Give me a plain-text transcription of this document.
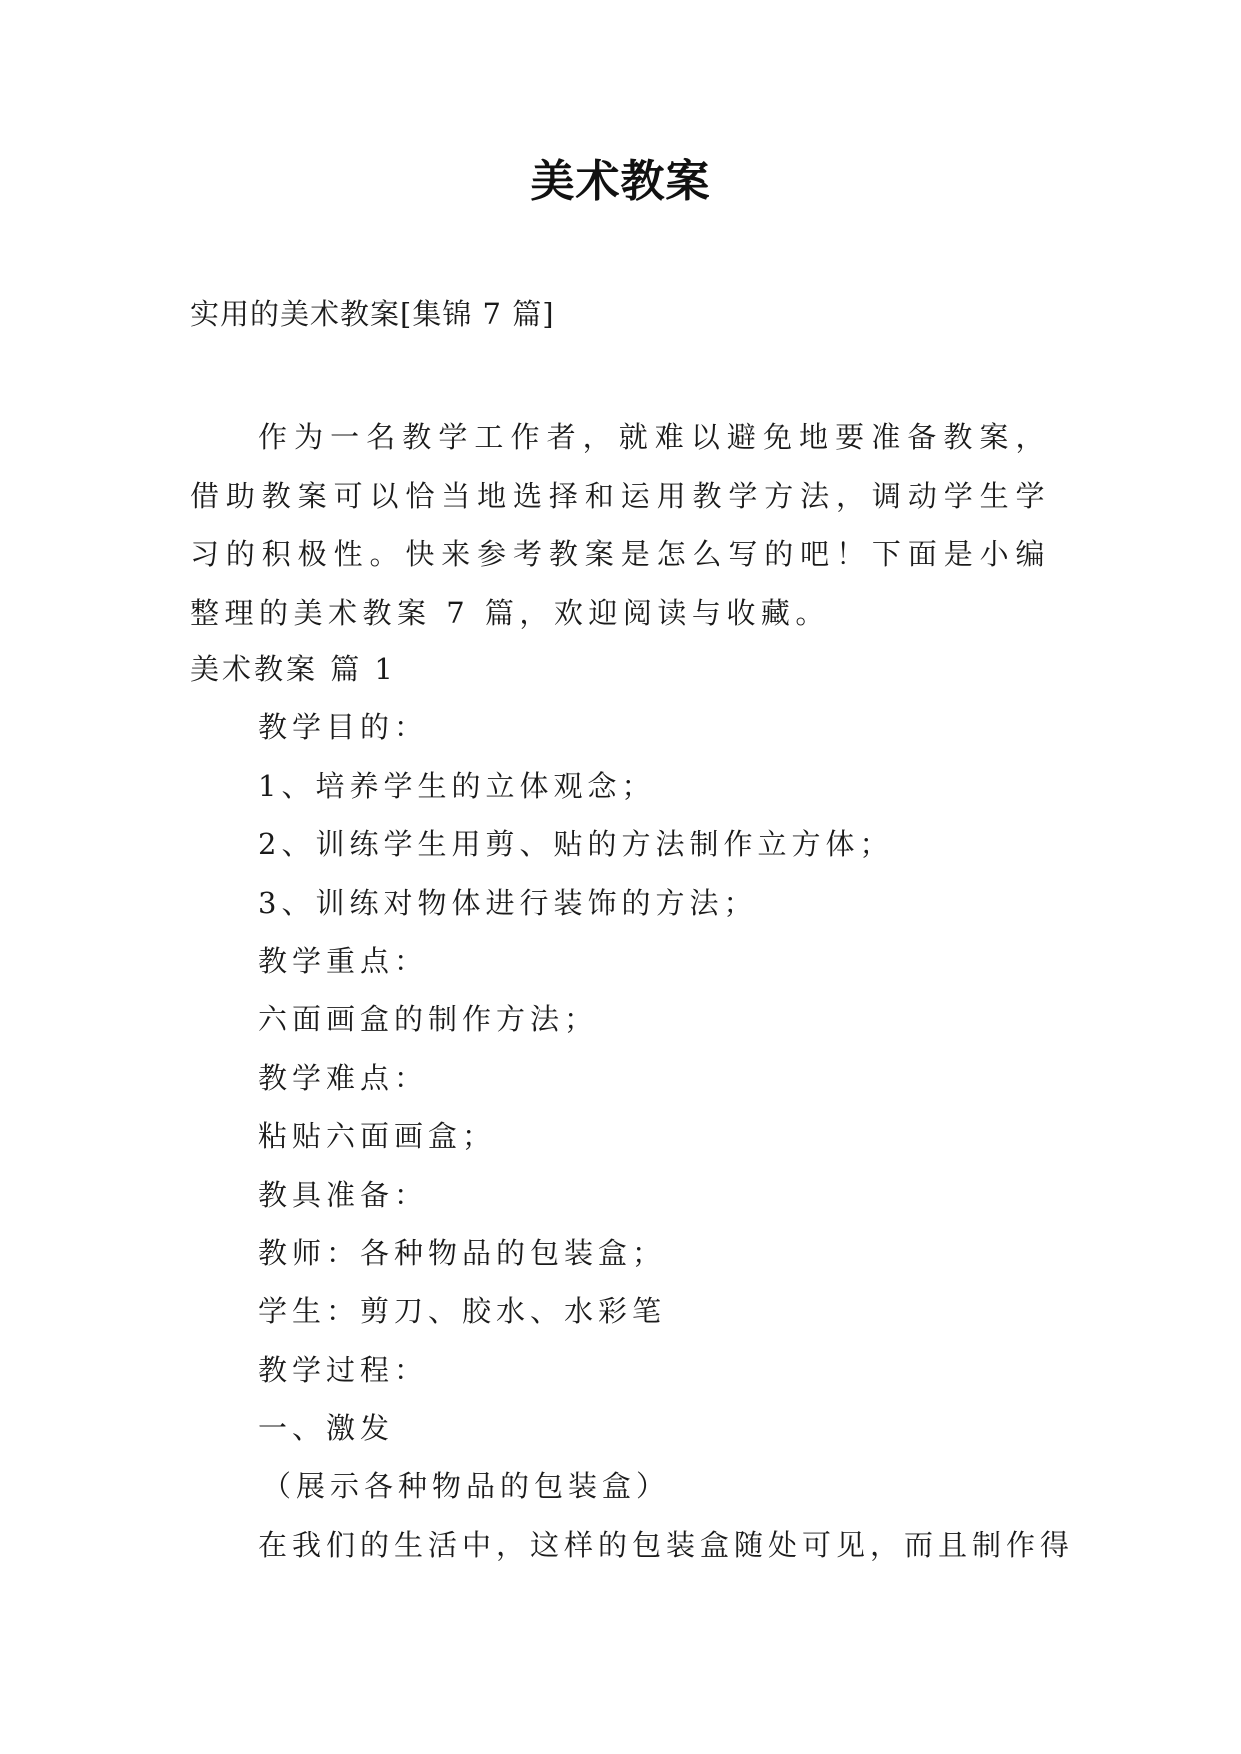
美术教案
实用的美术教案[集锦 7 篇]

作为一名教学工作者，就难以避免地要准备教案，借助教案可以恰当地选择和运用教学方法，调动学生学习的积极性。快来参考教案是怎么写的吧！下面是小编整理的美术教案 7 篇，欢迎阅读与收藏。

美术教案 篇 1
教学目的：
1、培养学生的立体观念；
2、训练学生用剪、贴的方法制作立方体；
3、训练对物体进行装饰的方法；
教学重点：
六面画盒的制作方法；
教学难点：
粘贴六面画盒；
教具准备：
教师：各种物品的包装盒；
学生：剪刀、胶水、水彩笔
教学过程：
一、激发
（展示各种物品的包装盒）
在我们的生活中，这样的包装盒随处可见，而且制作得
